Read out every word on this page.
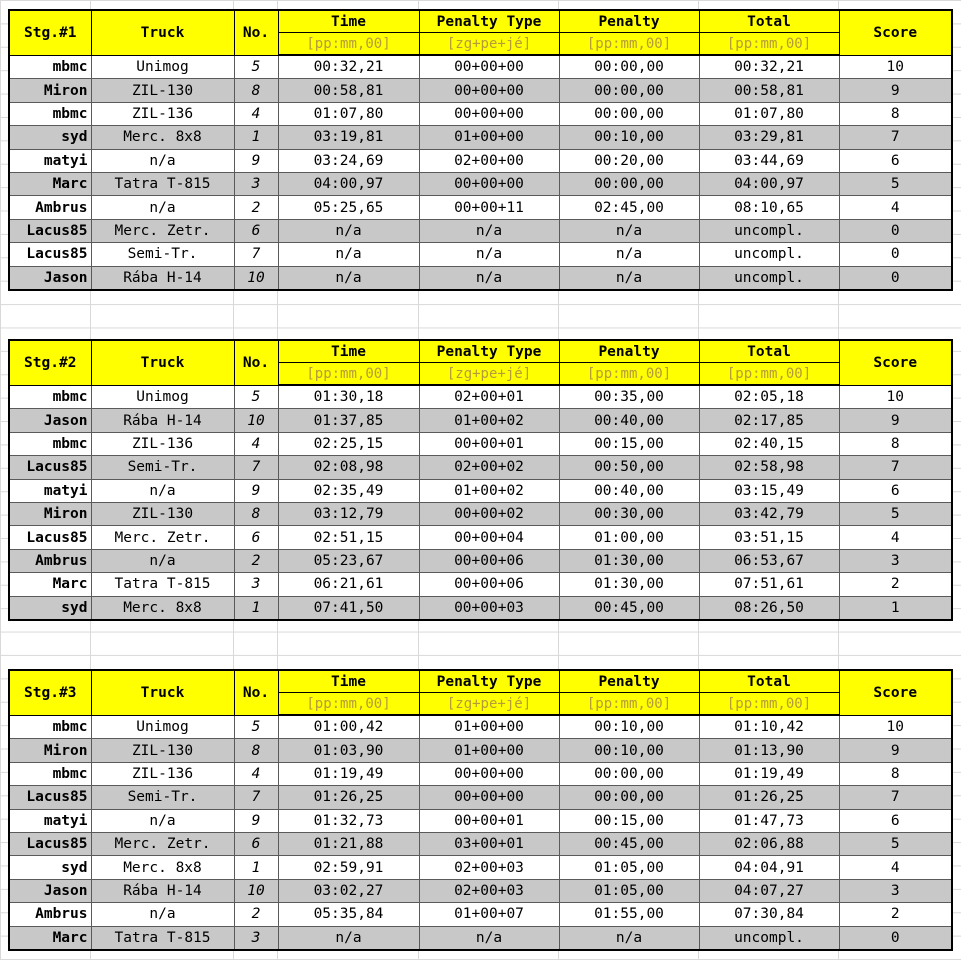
Stg.#1	Truck	No.	Time	Penalty Type	Penalty	Total	Score
			[pp:mm,00]	[zg+pe+jé]	[pp:mm,00]	[pp:mm,00]	
mbmc	Unimog	5	00:32,21	00+00+00	00:00,00	00:32,21	10
Miron	ZIL-130	8	00:58,81	00+00+00	00:00,00	00:58,81	9
mbmc	ZIL-136	4	01:07,80	00+00+00	00:00,00	01:07,80	8
syd	Merc. 8x8	1	03:19,81	01+00+00	00:10,00	03:29,81	7
matyi	n/a	9	03:24,69	02+00+00	00:20,00	03:44,69	6
Marc	Tatra T-815	3	04:00,97	00+00+00	00:00,00	04:00,97	5
Ambrus	n/a	2	05:25,65	00+00+11	02:45,00	08:10,65	4
Lacus85	Merc. Zetr.	6	n/a	n/a	n/a	uncompl.	0
Lacus85	Semi-Tr.	7	n/a	n/a	n/a	uncompl.	0
Jason	Rába H-14	10	n/a	n/a	n/a	uncompl.	0
Stg.#2	Truck	No.	Time	Penalty Type	Penalty	Total	Score
			[pp:mm,00]	[zg+pe+jé]	[pp:mm,00]	[pp:mm,00]	
mbmc	Unimog	5	01:30,18	02+00+01	00:35,00	02:05,18	10
Jason	Rába H-14	10	01:37,85	01+00+02	00:40,00	02:17,85	9
mbmc	ZIL-136	4	02:25,15	00+00+01	00:15,00	02:40,15	8
Lacus85	Semi-Tr.	7	02:08,98	02+00+02	00:50,00	02:58,98	7
matyi	n/a	9	02:35,49	01+00+02	00:40,00	03:15,49	6
Miron	ZIL-130	8	03:12,79	00+00+02	00:30,00	03:42,79	5
Lacus85	Merc. Zetr.	6	02:51,15	00+00+04	01:00,00	03:51,15	4
Ambrus	n/a	2	05:23,67	00+00+06	01:30,00	06:53,67	3
Marc	Tatra T-815	3	06:21,61	00+00+06	01:30,00	07:51,61	2
syd	Merc. 8x8	1	07:41,50	00+00+03	00:45,00	08:26,50	1
Stg.#3	Truck	No.	Time	Penalty Type	Penalty	Total	Score
			[pp:mm,00]	[zg+pe+jé]	[pp:mm,00]	[pp:mm,00]	
mbmc	Unimog	5	01:00,42	01+00+00	00:10,00	01:10,42	10
Miron	ZIL-130	8	01:03,90	01+00+00	00:10,00	01:13,90	9
mbmc	ZIL-136	4	01:19,49	00+00+00	00:00,00	01:19,49	8
Lacus85	Semi-Tr.	7	01:26,25	00+00+00	00:00,00	01:26,25	7
matyi	n/a	9	01:32,73	00+00+01	00:15,00	01:47,73	6
Lacus85	Merc. Zetr.	6	01:21,88	03+00+01	00:45,00	02:06,88	5
syd	Merc. 8x8	1	02:59,91	02+00+03	01:05,00	04:04,91	4
Jason	Rába H-14	10	03:02,27	02+00+03	01:05,00	04:07,27	3
Ambrus	n/a	2	05:35,84	01+00+07	01:55,00	07:30,84	2
Marc	Tatra T-815	3	n/a	n/a	n/a	uncompl.	0
